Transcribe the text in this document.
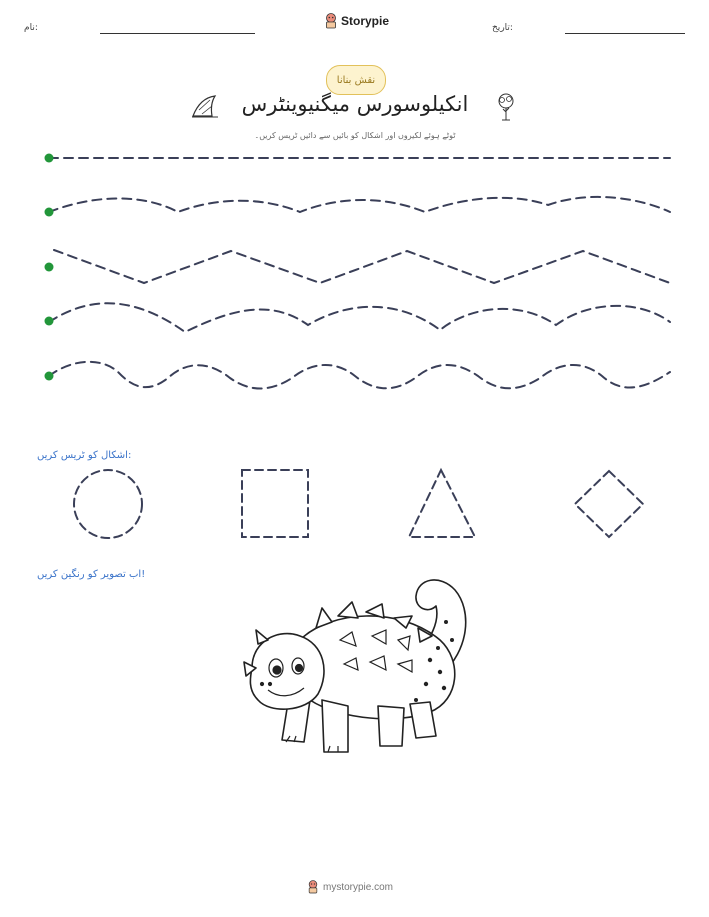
نام:	Storypie	تاریخ:
نقش بنانا
انکیلوسورس میگنیوینٹرس
ٹوٹے ہوئے لکیروں اور اشکال کو بائیں سے دائیں ٹریس کریں۔
اشکال کو ٹریس کریں:
اب تصویر کو رنگین کریں!
mystorypie.com
